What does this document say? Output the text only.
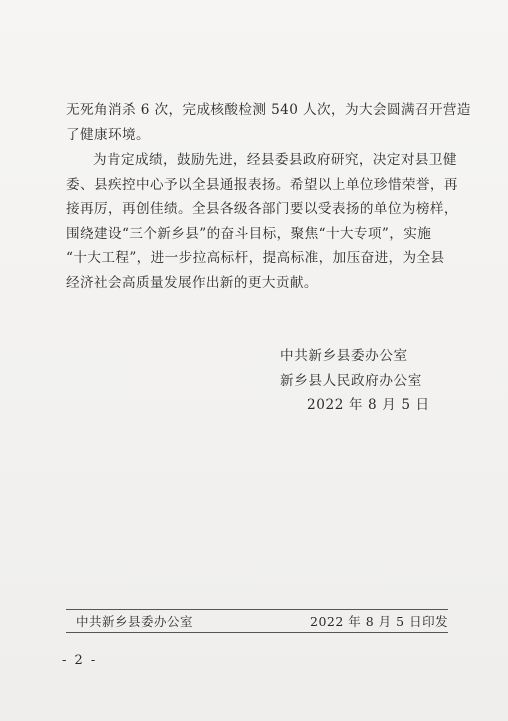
无死角消杀 6 次，完成核酸检测 540 人次，为大会圆满召开营造
了健康环境。
为肯定成绩，鼓励先进，经县委县政府研究，决定对县卫健
委、县疾控中心予以全县通报表扬。希望以上单位珍惜荣誉，再
接再厉，再创佳绩。全县各级各部门要以受表扬的单位为榜样，
围绕建设“三个新乡县”的奋斗目标，聚焦“十大专项”，实施
“十大工程”，进一步拉高标杆，提高标准，加压奋进，为全县
经济社会高质量发展作出新的更大贡献。
中共新乡县委办公室
新乡县人民政府办公室
2022 年 8 月 5 日
中共新乡县委办公室	2022 年 8 月 5 日印发
- 2 -
